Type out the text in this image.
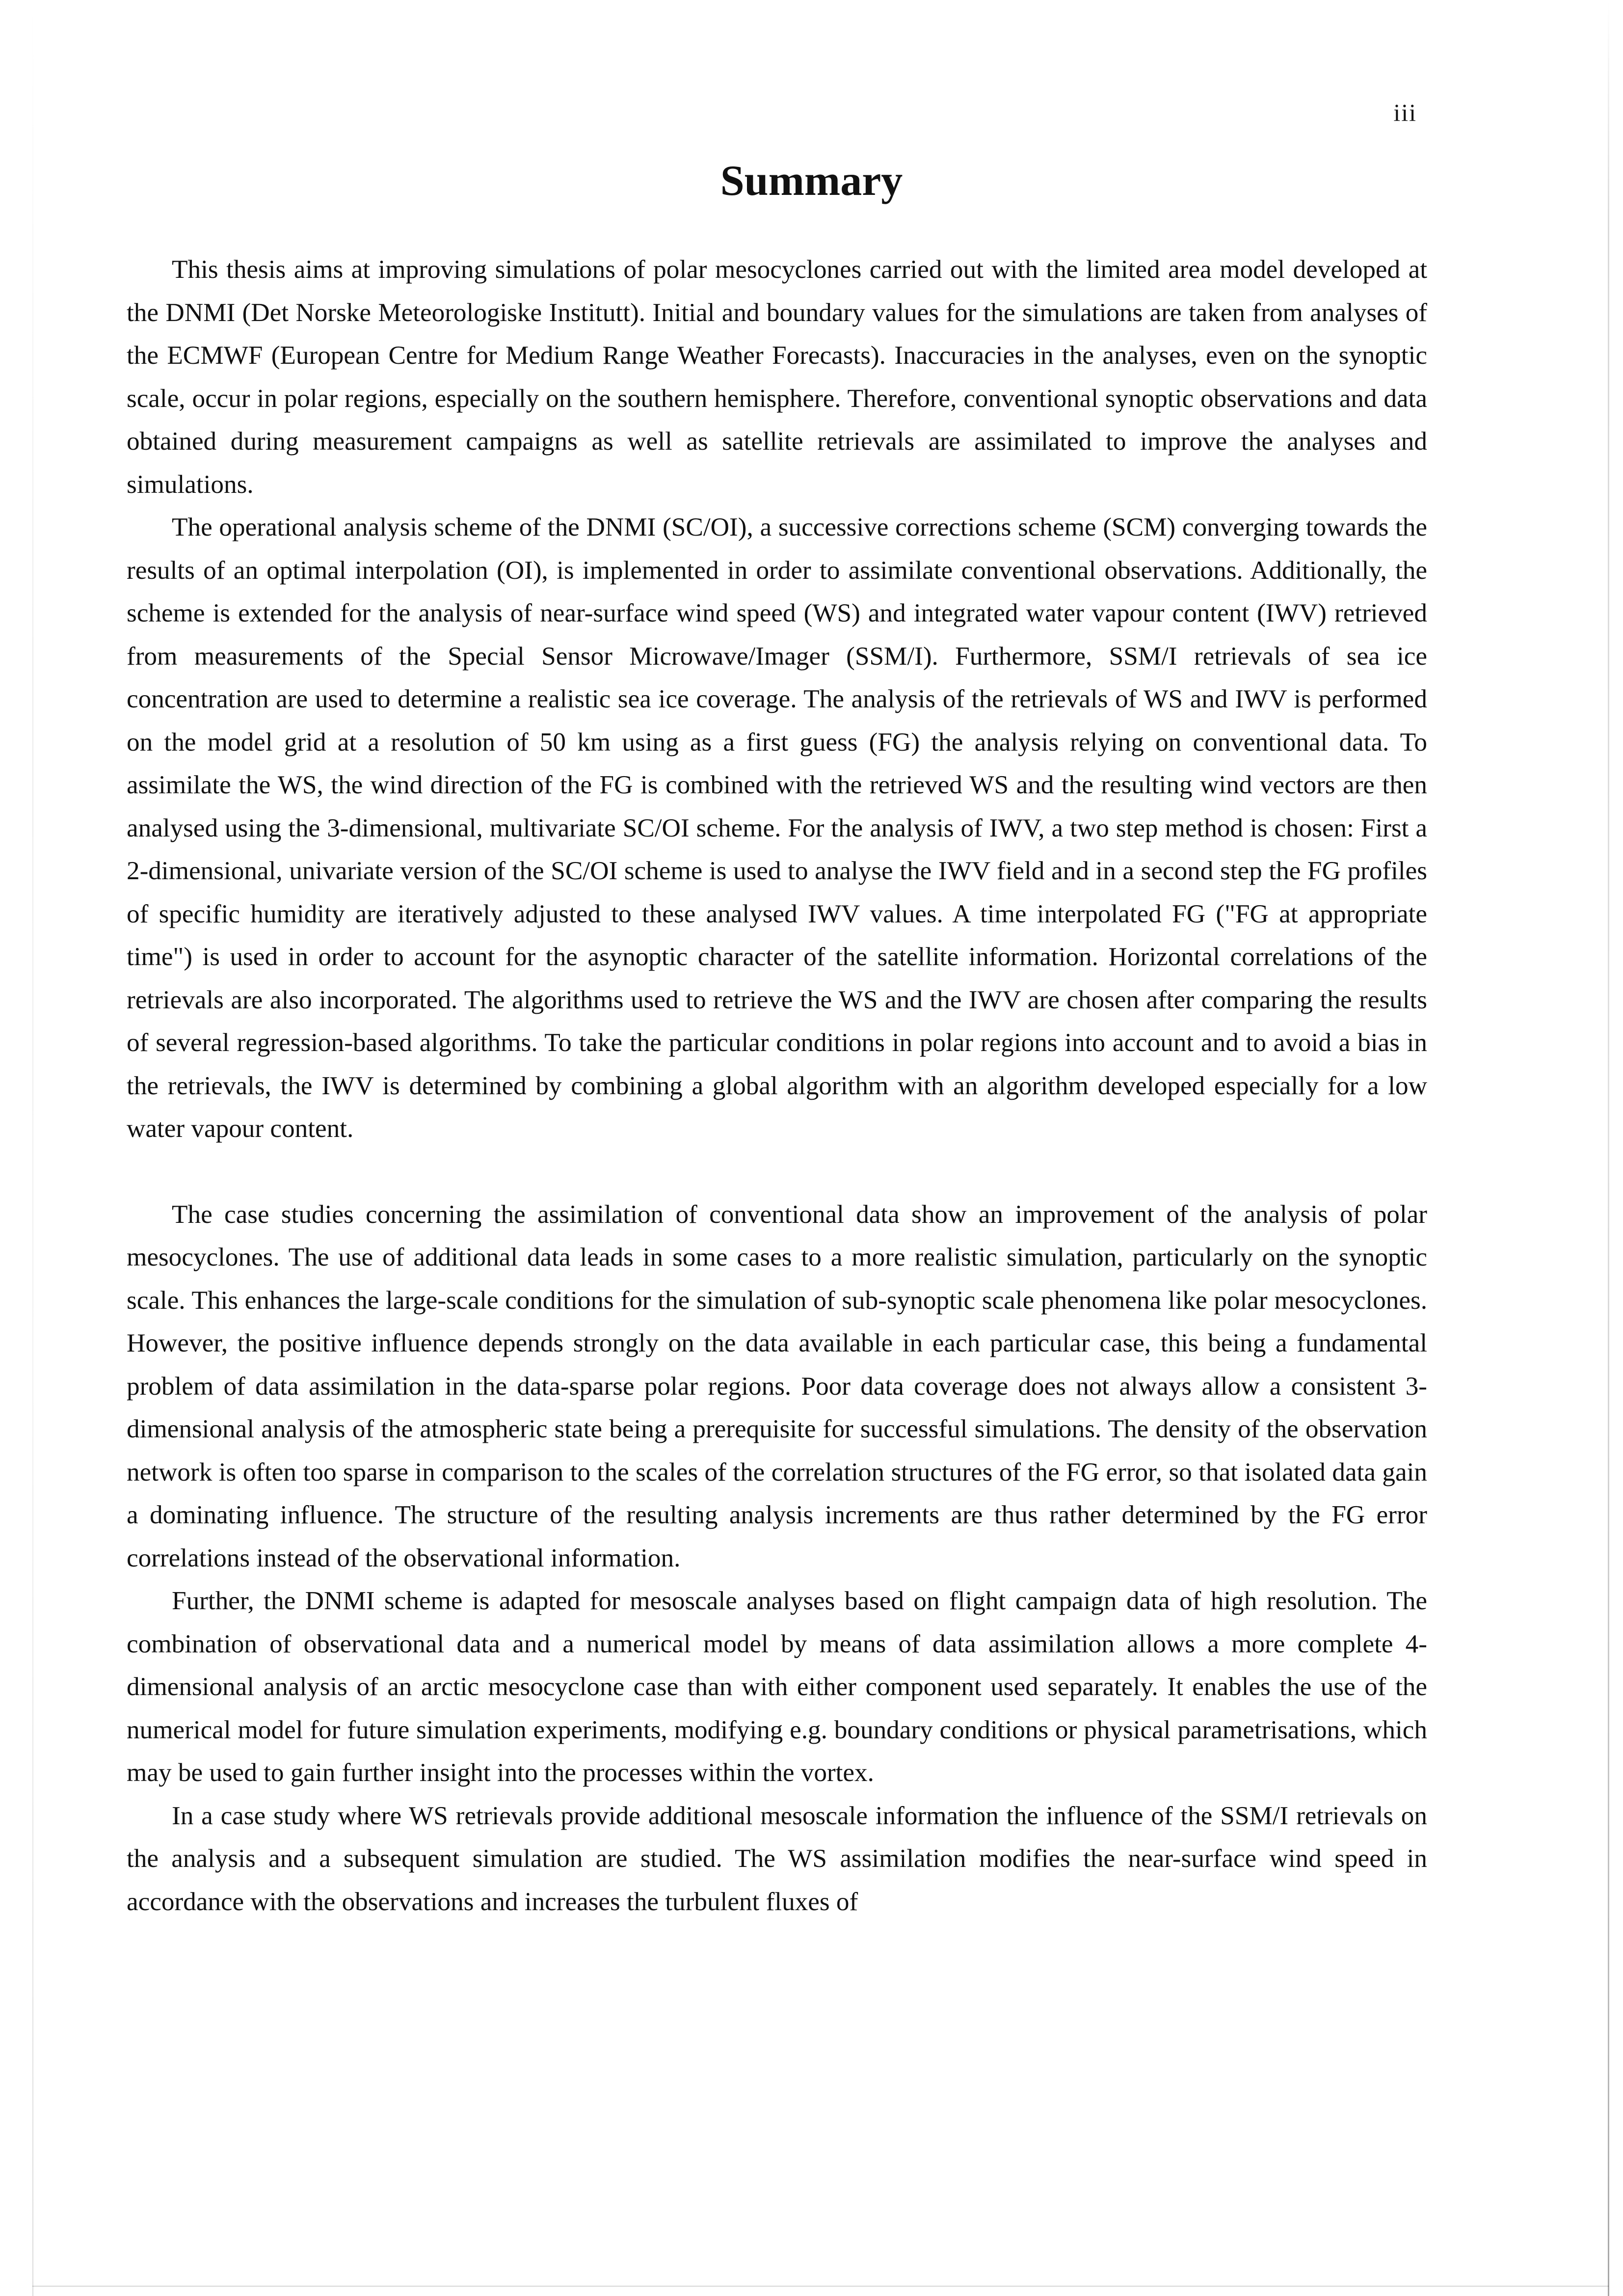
iii
Summary

This thesis aims at improving simulations of polar mesocyclones carried out with the limited area model developed at the DNMI (Det Norske Meteorologiske Institutt). Initial and boundary values for the simulations are taken from analyses of the ECMWF (European Centre for Medium Range Weather Forecasts). Inaccuracies in the analyses, even on the synoptic scale, occur in polar regions, especially on the southern hemisphere. Therefore, conventional synoptic observations and data obtained during measurement campaigns as well as satellite retrievals are assimilated to improve the analyses and simulations.

The operational analysis scheme of the DNMI (SC/OI), a successive corrections scheme (SCM) converging towards the results of an optimal interpolation (OI), is implemented in order to assimilate conventional observations. Additionally, the scheme is extended for the analysis of near-surface wind speed (WS) and integrated water vapour content (IWV) retrieved from measurements of the Special Sensor Microwave/Imager (SSM/I). Furthermore, SSM/I retrievals of sea ice concentration are used to determine a realistic sea ice coverage. The analysis of the retrievals of WS and IWV is performed on the model grid at a resolution of 50 km using as a first guess (FG) the analysis relying on conventional data. To assimilate the WS, the wind direction of the FG is combined with the retrieved WS and the resulting wind vectors are then analysed using the 3-dimensional, multivariate SC/OI scheme. For the analysis of IWV, a two step method is chosen: First a 2-dimensional, univariate version of the SC/OI scheme is used to analyse the IWV field and in a second step the FG profiles of specific humidity are iteratively adjusted to these analysed IWV values. A time interpolated FG ("FG at appropriate time") is used in order to account for the asynoptic character of the satellite information. Horizontal correlations of the retrievals are also incorporated. The algorithms used to retrieve the WS and the IWV are chosen after comparing the results of several regression-based algorithms. To take the particular conditions in polar regions into account and to avoid a bias in the retrievals, the IWV is determined by combining a global algorithm with an algorithm developed especially for a low water vapour content.

The case studies concerning the assimilation of conventional data show an improvement of the analysis of polar mesocyclones. The use of additional data leads in some cases to a more realistic simulation, particularly on the synoptic scale. This enhances the large-scale conditions for the simulation of sub-synoptic scale phenomena like polar mesocyclones. However, the positive influence depends strongly on the data available in each particular case, this being a fundamental problem of data assimilation in the data-sparse polar regions. Poor data coverage does not always allow a consistent 3-dimensional analysis of the atmospheric state being a prerequisite for successful simulations. The density of the observation network is often too sparse in comparison to the scales of the correlation structures of the FG error, so that isolated data gain a dominating influence. The structure of the resulting analysis increments are thus rather determined by the FG error correlations instead of the observational information.

Further, the DNMI scheme is adapted for mesoscale analyses based on flight campaign data of high resolution. The combination of observational data and a numerical model by means of data assimilation allows a more complete 4-dimensional analysis of an arctic mesocyclone case than with either component used separately. It enables the use of the numerical model for future simulation experiments, modifying e.g. boundary conditions or physical parametrisations, which may be used to gain further insight into the processes within the vortex.

In a case study where WS retrievals provide additional mesoscale information the influence of the SSM/I retrievals on the analysis and a subsequent simulation are studied. The WS assimilation modifies the near-surface wind speed in accordance with the observations and increases the turbulent fluxes of
